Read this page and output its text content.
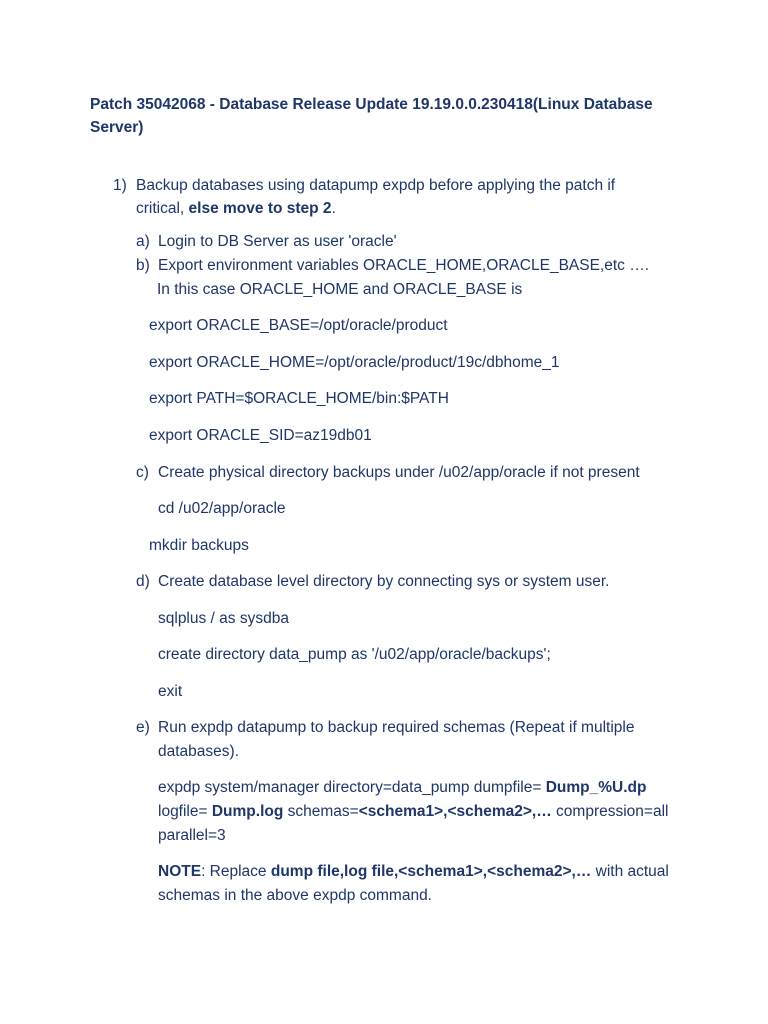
Patch 35042068 - Database Release Update 19.19.0.0.230418(Linux Database
Server)
1) Backup databases using datapump expdp before applying the patch if
critical, else move to step 2.
a) Login to DB Server as user 'oracle'
b) Export environment variables ORACLE_HOME,ORACLE_BASE,etc ….
In this case ORACLE_HOME and ORACLE_BASE is
export ORACLE_BASE=/opt/oracle/product
export ORACLE_HOME=/opt/oracle/product/19c/dbhome_1
export PATH=$ORACLE_HOME/bin:$PATH
export ORACLE_SID=az19db01
c) Create physical directory backups under /u02/app/oracle if not present
cd /u02/app/oracle
mkdir backups
d) Create database level directory by connecting sys or system user.
sqlplus / as sysdba
create directory data_pump as '/u02/app/oracle/backups';
exit
e) Run expdp datapump to backup required schemas (Repeat if multiple
databases).
expdp system/manager directory=data_pump dumpfile= Dump_%U.dp
logfile= Dump.log schemas=<schema1>,<schema2>,… compression=all
parallel=3
NOTE: Replace dump file,log file,<schema1>,<schema2>,… with actual
schemas in the above expdp command.
